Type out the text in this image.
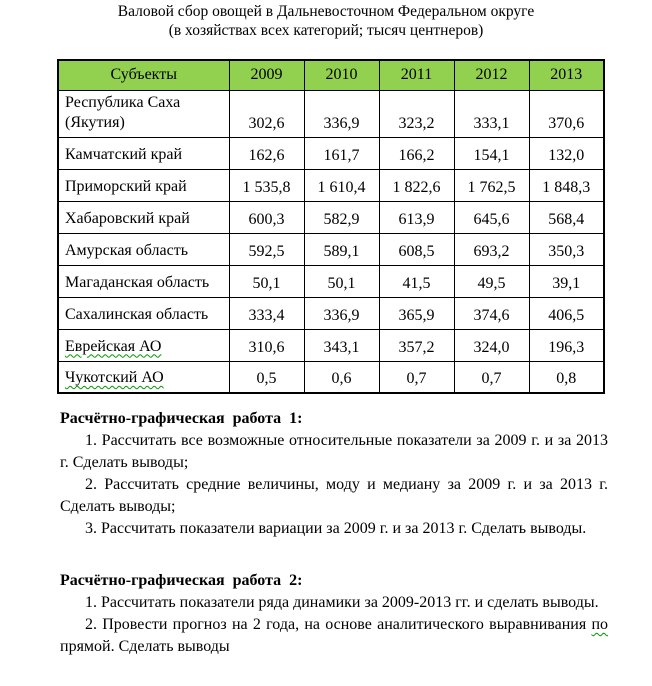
Валовой сбор овощей в Дальневосточном Федеральном округе
(в хозяйствах всех категорий; тысяч центнеров)
Субъекты	2009	2010	2011	2012	2013
Республика Саха (Якутия)	302,6	336,9	323,2	333,1	370,6
Камчатский край	162,6	161,7	166,2	154,1	132,0
Приморский край	1 535,8	1 610,4	1 822,6	1 762,5	1 848,3
Хабаровский край	600,3	582,9	613,9	645,6	568,4
Амурская область	592,5	589,1	608,5	693,2	350,3
Магаданская область	50,1	50,1	41,5	49,5	39,1
Сахалинская область	333,4	336,9	365,9	374,6	406,5
Еврейская АО	310,6	343,1	357,2	324,0	196,3
Чукотский АО	0,5	0,6	0,7	0,7	0,8

Расчётно-графическая работа 1:

1. Рассчитать все возможные относительные показатели за 2009 г. и за 2013 г. Сделать выводы;

2. Рассчитать средние величины, моду и медиану за 2009 г. и за 2013 г. Сделать выводы;

3. Рассчитать показатели вариации за 2009 г. и за 2013 г. Сделать выводы.

Расчётно-графическая работа 2:

1. Рассчитать показатели ряда динамики за 2009-2013 гг. и сделать выводы.

2. Провести прогноз на 2 года, на основе аналитического выравнивания по прямой. Сделать выводы
